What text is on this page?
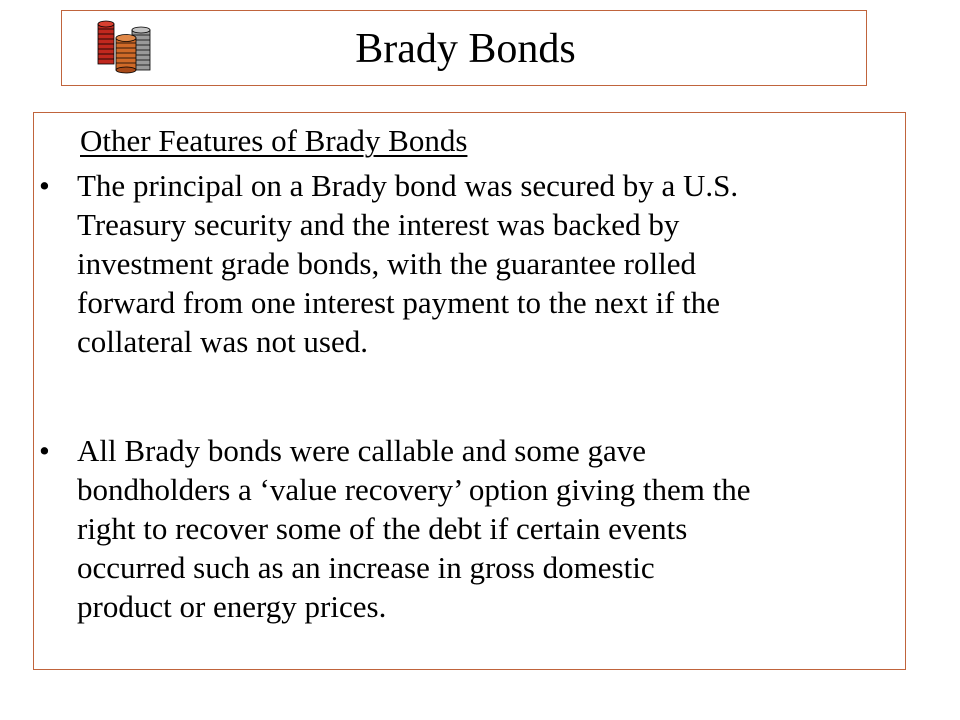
Brady Bonds
Other Features of Brady Bonds
• The principal on a Brady bond was secured by a U.S.
Treasury security and the interest was backed by
investment grade bonds, with the guarantee rolled
forward from one interest payment to the next if the
collateral was not used.
• All Brady bonds were callable and some gave
bondholders a ‘value recovery’ option giving them the
right to recover some of the debt if certain events
occurred such as an increase in gross domestic
product or energy prices.
